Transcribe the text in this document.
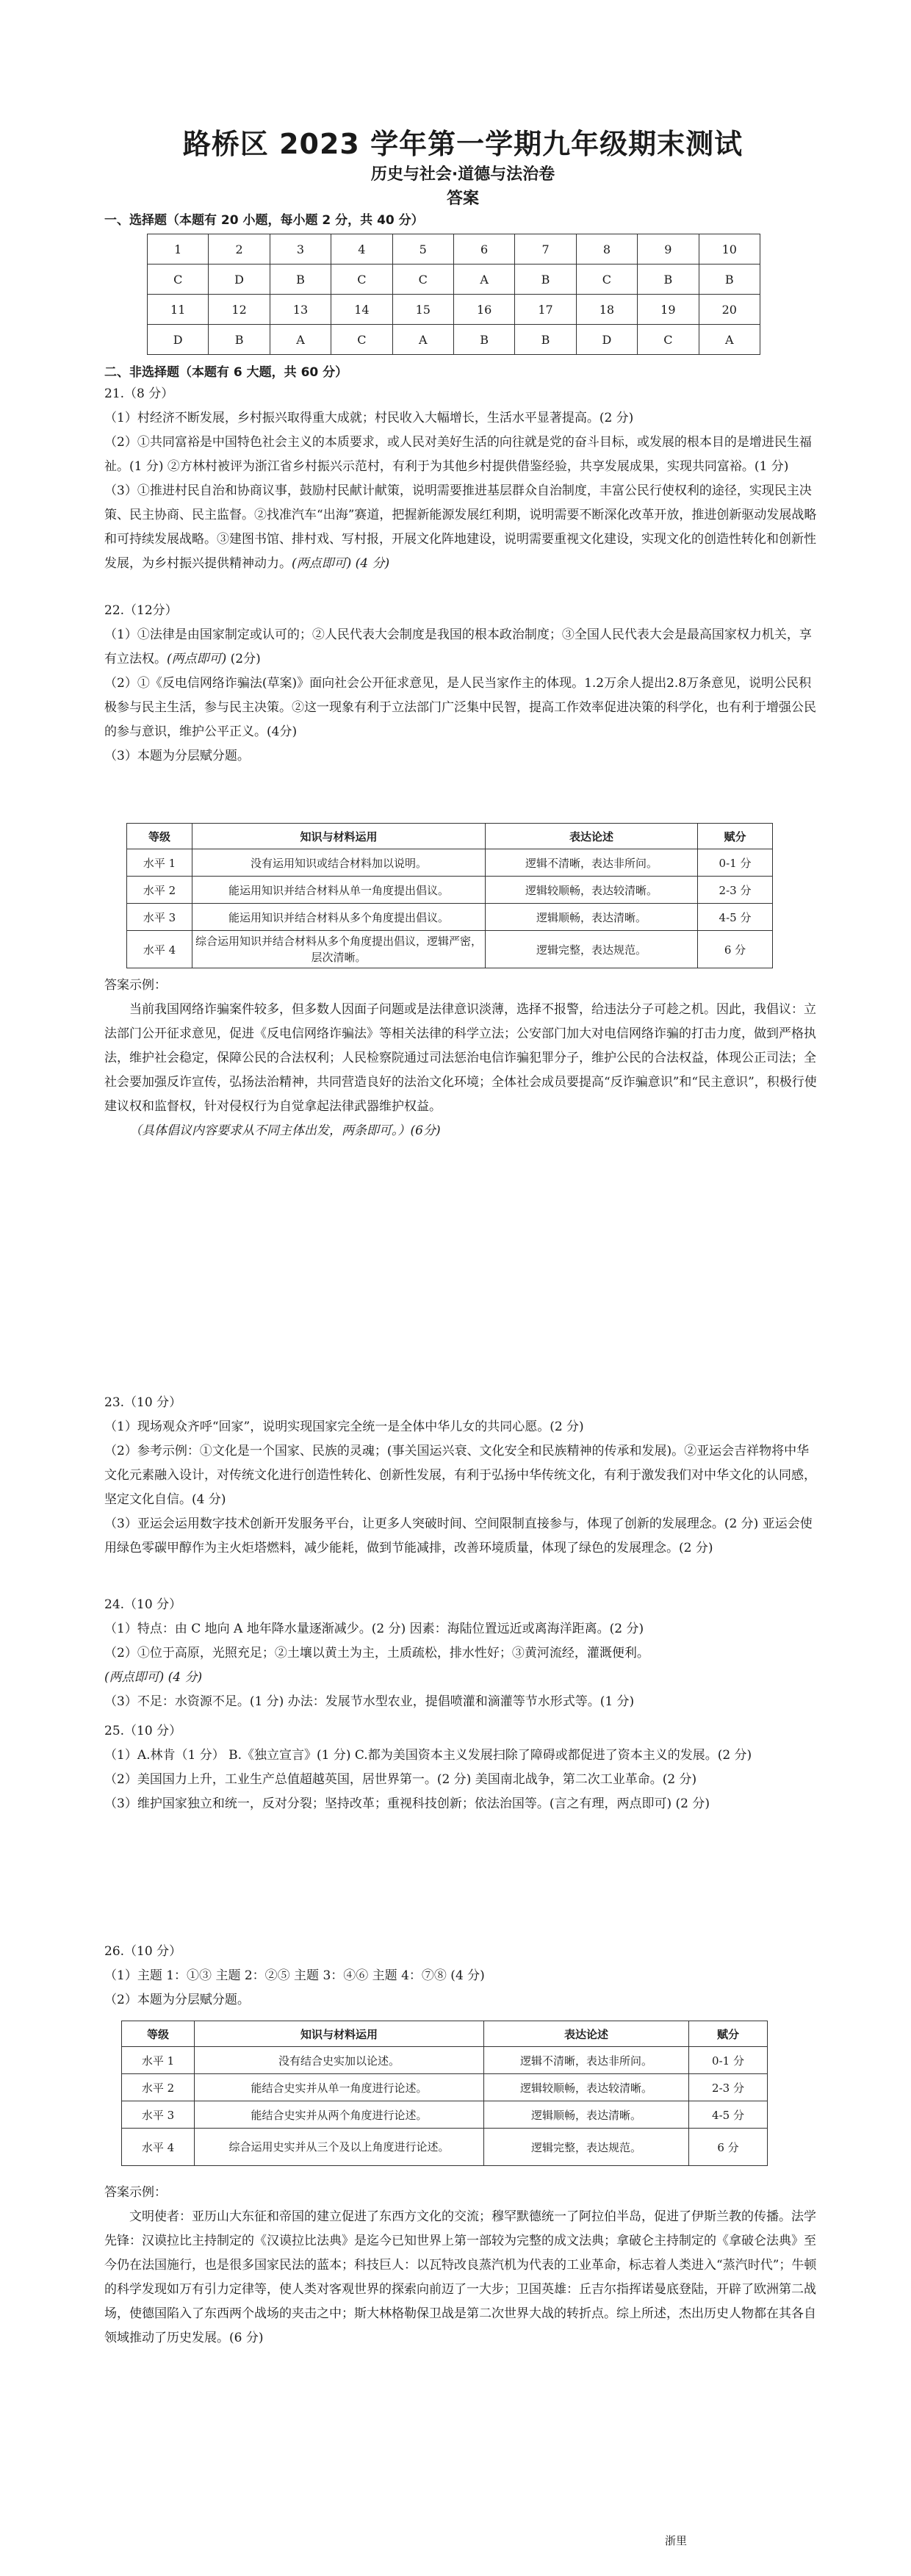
路桥区 2023 学年第一学期九年级期末测试
历史与社会·道德与法治卷
答案
一、选择题（本题有 20 小题，每小题 2 分，共 40 分）
1	2	3	4	5	6	7	8	9	10
C	D	B	C	C	A	B	C	B	B
11	12	13	14	15	16	17	18	19	20
D	B	A	C	A	B	B	D	C	A
二、非选择题（本题有 6 大题，共 60 分）

21.（8 分）

（1）村经济不断发展，乡村振兴取得重大成就；村民收入大幅增长，生活水平显著提高。(2 分)

（2）①共同富裕是中国特色社会主义的本质要求，或人民对美好生活的向往就是党的奋斗目标，或发展的根本目的是增进民生福祉。(1 分) ②方林村被评为浙江省乡村振兴示范村，有利于为其他乡村提供借鉴经验，共享发展成果，实现共同富裕。(1 分)

（3）①推进村民自治和协商议事，鼓励村民献计献策，说明需要推进基层群众自治制度，丰富公民行使权利的途径，实现民主决策、民主协商、民主监督。②找准汽车“出海”赛道，把握新能源发展红利期，说明需要不断深化改革开放，推进创新驱动发展战略和可持续发展战略。③建图书馆、排村戏、写村报，开展文化阵地建设，说明需要重视文化建设，实现文化的创造性转化和创新性发展，为乡村振兴提供精神动力。(两点即可) (4 分)

22.（12分）

（1）①法律是由国家制定或认可的；②人民代表大会制度是我国的根本政治制度；③全国人民代表大会是最高国家权力机关，享有立法权。(两点即可) (2分)

（2）①《反电信网络诈骗法(草案)》面向社会公开征求意见，是人民当家作主的体现。1.2万余人提出2.8万条意见，说明公民积极参与民主生活，参与民主决策。②这一现象有利于立法部门广泛集中民智，提高工作效率促进决策的科学化，也有利于增强公民的参与意识，维护公平正义。(4分)

（3）本题为分层赋分题。

等级	知识与材料运用	表达论述	赋分
水平 1	没有运用知识或结合材料加以说明。	逻辑不清晰，表达非所问。	0-1 分
水平 2	能运用知识并结合材料从单一角度提出倡议。	逻辑较顺畅，表达较清晰。	2-3 分
水平 3	能运用知识并结合材料从多个角度提出倡议。	逻辑顺畅，表达清晰。	4-5 分
水平 4	综合运用知识并结合材料从多个角度提出倡议，逻辑严密，层次清晰。	逻辑完整，表达规范。	6 分

答案示例：

当前我国网络诈骗案件较多，但多数人因面子问题或是法律意识淡薄，选择不报警，给违法分子可趁之机。因此，我倡议：立法部门公开征求意见，促进《反电信网络诈骗法》等相关法律的科学立法；公安部门加大对电信网络诈骗的打击力度，做到严格执法，维护社会稳定，保障公民的合法权利；人民检察院通过司法惩治电信诈骗犯罪分子，维护公民的合法权益，体现公正司法；全社会要加强反诈宣传，弘扬法治精神，共同营造良好的法治文化环境；全体社会成员要提高“反诈骗意识”和“民主意识”，积极行使建议权和监督权，针对侵权行为自觉拿起法律武器维护权益。

（具体倡议内容要求从不同主体出发，两条即可。）(6分)

23.（10 分）

（1）现场观众齐呼“回家”，说明实现国家完全统一是全体中华儿女的共同心愿。(2 分)

（2）参考示例：①文化是一个国家、民族的灵魂；(事关国运兴衰、文化安全和民族精神的传承和发展)。②亚运会吉祥物将中华文化元素融入设计，对传统文化进行创造性转化、创新性发展，有利于弘扬中华传统文化，有利于激发我们对中华文化的认同感，坚定文化自信。(4 分)

（3）亚运会运用数字技术创新开发服务平台，让更多人突破时间、空间限制直接参与，体现了创新的发展理念。(2 分) 亚运会使用绿色零碳甲醇作为主火炬塔燃料，减少能耗，做到节能减排，改善环境质量，体现了绿色的发展理念。(2 分)

24.（10 分）

（1）特点：由 C 地向 A 地年降水量逐渐减少。(2 分) 因素：海陆位置远近或离海洋距离。(2 分)

（2）①位于高原，光照充足；②土壤以黄土为主，土质疏松，排水性好；③黄河流经，灌溉便利。

(两点即可) (4 分)

（3）不足：水资源不足。(1 分) 办法：发展节水型农业，提倡喷灌和滴灌等节水形式等。(1 分)

25.（10 分）

（1）A.林肯（1 分） B.《独立宣言》(1 分) C.都为美国资本主义发展扫除了障碍或都促进了资本主义的发展。(2 分)

（2）美国国力上升，工业生产总值超越英国，居世界第一。(2 分) 美国南北战争，第二次工业革命。(2 分)

（3）维护国家独立和统一，反对分裂；坚持改革；重视科技创新；依法治国等。(言之有理，两点即可) (2 分)

26.（10 分）

（1）主题 1：①③ 主题 2：②⑤ 主题 3：④⑥ 主题 4：⑦⑧ (4 分)

（2）本题为分层赋分题。

等级	知识与材料运用	表达论述	赋分
水平 1	没有结合史实加以论述。	逻辑不清晰，表达非所问。	0-1 分
水平 2	能结合史实并从单一角度进行论述。	逻辑较顺畅，表达较清晰。	2-3 分
水平 3	能结合史实并从两个角度进行论述。	逻辑顺畅，表达清晰。	4-5 分
水平 4	综合运用史实并从三个及以上角度进行论述。	逻辑完整，表达规范。	6 分

答案示例：

文明使者：亚历山大东征和帝国的建立促进了东西方文化的交流；穆罕默德统一了阿拉伯半岛，促进了伊斯兰教的传播。法学先锋：汉谟拉比主持制定的《汉谟拉比法典》是迄今已知世界上第一部较为完整的成文法典；拿破仑主持制定的《拿破仑法典》至今仍在法国施行，也是很多国家民法的蓝本；科技巨人：以瓦特改良蒸汽机为代表的工业革命，标志着人类进入“蒸汽时代”；牛顿的科学发现如万有引力定律等，使人类对客观世界的探索向前迈了一大步；卫国英雄：丘吉尔指挥诺曼底登陆，开辟了欧洲第二战场，使德国陷入了东西两个战场的夹击之中；斯大林格勒保卫战是第二次世界大战的转折点。综上所述，杰出历史人物都在其各自领域推动了历史发展。(6 分)

浙里
